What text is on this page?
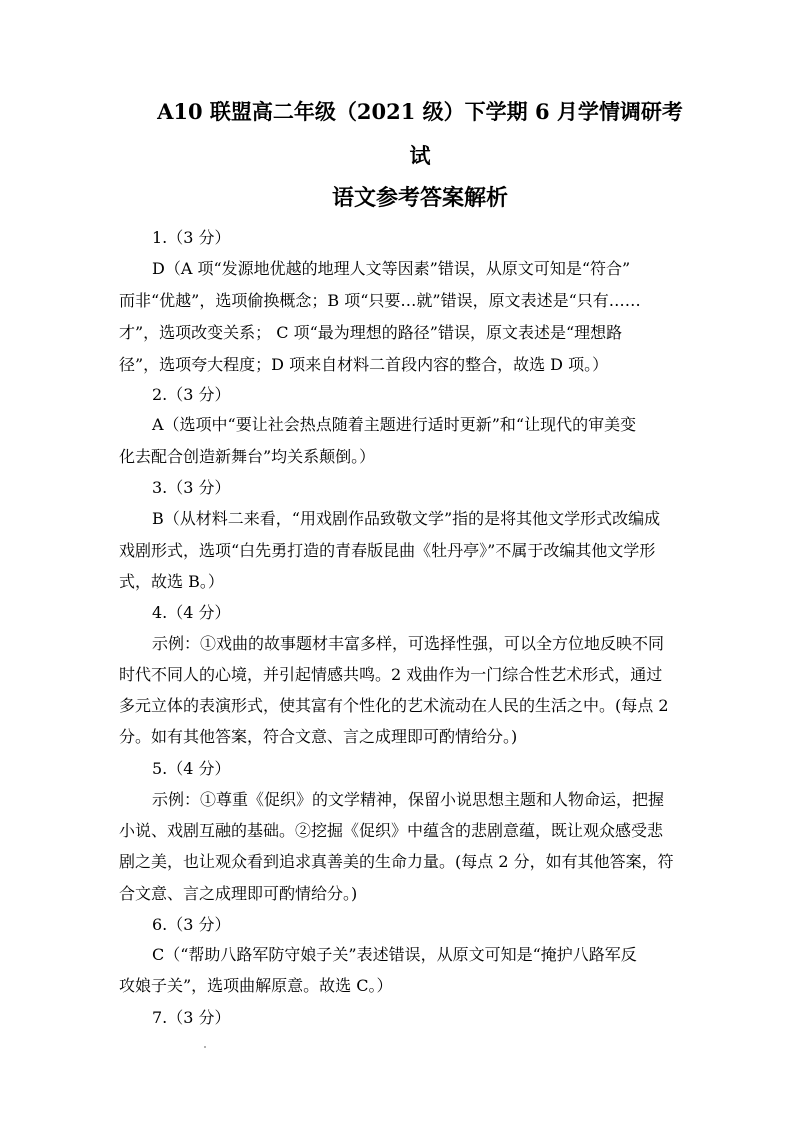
A10 联盟高二年级（2021 级）下学期 6 月学情调研考
试
语文参考答案解析
1.（3 分）
D（A 项“发源地优越的地理人文等因素”错误，从原文可知是“符合”
而非“优越”，选项偷换概念；B 项“只要…就”错误，原文表述是“只有……
才”，选项改变关系； C 项“最为理想的路径”错误，原文表述是“理想路
径”，选项夸大程度；D 项来自材料二首段内容的整合，故选 D 项。）
2.（3 分）
A（选项中“要让社会热点随着主题进行适时更新”和“让现代的审美变
化去配合创造新舞台”均关系颠倒。）
3.（3 分）
B（从材料二来看，“用戏剧作品致敬文学”指的是将其他文学形式改编成
戏剧形式，选项“白先勇打造的青春版昆曲《牡丹亭》”不属于改编其他文学形
式，故选 B。）
4.（4 分）
示例：①戏曲的故事题材丰富多样，可选择性强，可以全方位地反映不同
时代不同人的心境，并引起情感共鸣。2 戏曲作为一门综合性艺术形式，通过
多元立体的表演形式，使其富有个性化的艺术流动在人民的生活之中。(每点 2
分。如有其他答案，符合文意、言之成理即可酌情给分。)
5.（4 分）
示例：①尊重《促织》的文学精神，保留小说思想主题和人物命运，把握
小说、戏剧互融的基础。②挖掘《促织》中蕴含的悲剧意蕴，既让观众感受悲
剧之美，也让观众看到追求真善美的生命力量。(每点 2 分，如有其他答案，符
合文意、言之成理即可酌情给分。)
6.（3 分）
C（“帮助八路军防守娘子关”表述错误，从原文可知是“掩护八路军反
攻娘子关”，选项曲解原意。故选 C。）
7.（3 分）
